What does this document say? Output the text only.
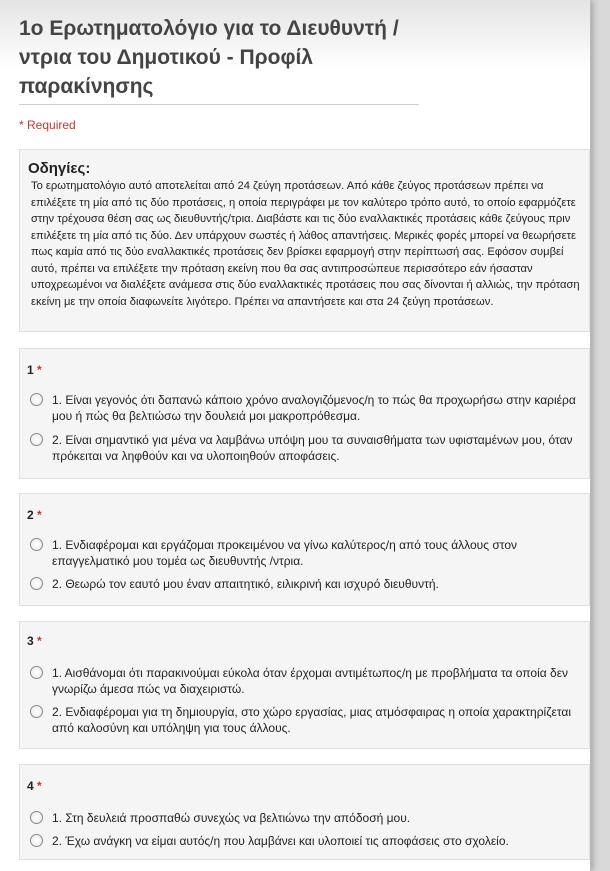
1ο Ερωτηματολόγιο για το Διευθυντή /ντρια του Δημοτικού - Προφίλ παρακίνησης
* Required
Οδηγίες:

Το ερωτηματολόγιο αυτό αποτελείται από 24 ζεύγη προτάσεων. Από κάθε ζεύγος προτάσεων πρέπει να επιλέξετε τη μία από τις δύο προτάσεις, η οποία περιγράφει με τον καλύτερο τρόπο αυτό, το οποίο εφαρμόζετε στην τρέχουσα θέση σας ως διευθυντής/τρια. Διαβάστε και τις δύο εναλλακτικές προτάσεις κάθε ζεύγους πριν επιλέξετε τη μία από τις δύο. Δεν υπάρχουν σωστές ή λάθος απαντήσεις. Μερικές φορές μπορεί να θεωρήσετε πως καμία από τις δύο εναλλακτικές προτάσεις δεν βρίσκει εφαρμογή στην περίπτωσή σας. Εφόσον συμβεί αυτό, πρέπει να επιλέξετε την πρόταση εκείνη που θα σας αντιπροσώπευε περισσότερο εάν ήσασταν υποχρεωμένοι να διαλέξετε ανάμεσα στις δύο εναλλακτικές προτάσεις που σας δίνονται ή αλλιώς, την πρόταση εκείνη με την οποία διαφωνείτε λιγότερο. Πρέπει να απαντήσετε και στα 24 ζεύγη προτάσεων.

1 *
1. Είναι γεγονός ότι δαπανώ κάποιο χρόνο αναλογιζόμενος/η το πώς θα προχωρήσω στην καριέρα μου ή πώς θα βελτιώσω την δουλειά μοι μακροπρόθεσμα.
2. Είναι σημαντικό για μένα να λαμβάνω υπόψη μου τα συναισθήματα των υφισταμένων μου, όταν πρόκειται να ληφθούν και να υλοποιηθούν αποφάσεις.
2 *
1. Ενδιαφέρομαι και εργάζομαι προκειμένου να γίνω καλύτερος/η από τους άλλους στον επαγγελματικό μου τομέα ως διευθυντής /ντρια.
2. Θεωρώ τον εαυτό μου έναν απαιτητικό, ειλικρινή και ισχυρό διευθυντή.
3 *
1. Αισθάνομαι ότι παρακινούμαι εύκολα όταν έρχομαι αντιμέτωπος/η με προβλήματα τα οποία δεν γνωρίζω άμεσα πώς να διαχειριστώ.
2. Ενδιαφέρομαι για τη δημιουργία, στο χώρο εργασίας, μιας ατμόσφαιρας η οποία χαρακτηρίζεται από καλοσύνη και υπόληψη για τους άλλους.
4 *
1. Στη δευλειά προσπαθώ συνεχώς να βελτιώνω την απόδοσή μου.
2. Έχω ανάγκη να είμαι αυτός/η που λαμβάνει και υλοποιεί τις αποφάσεις στο σχολείο.
